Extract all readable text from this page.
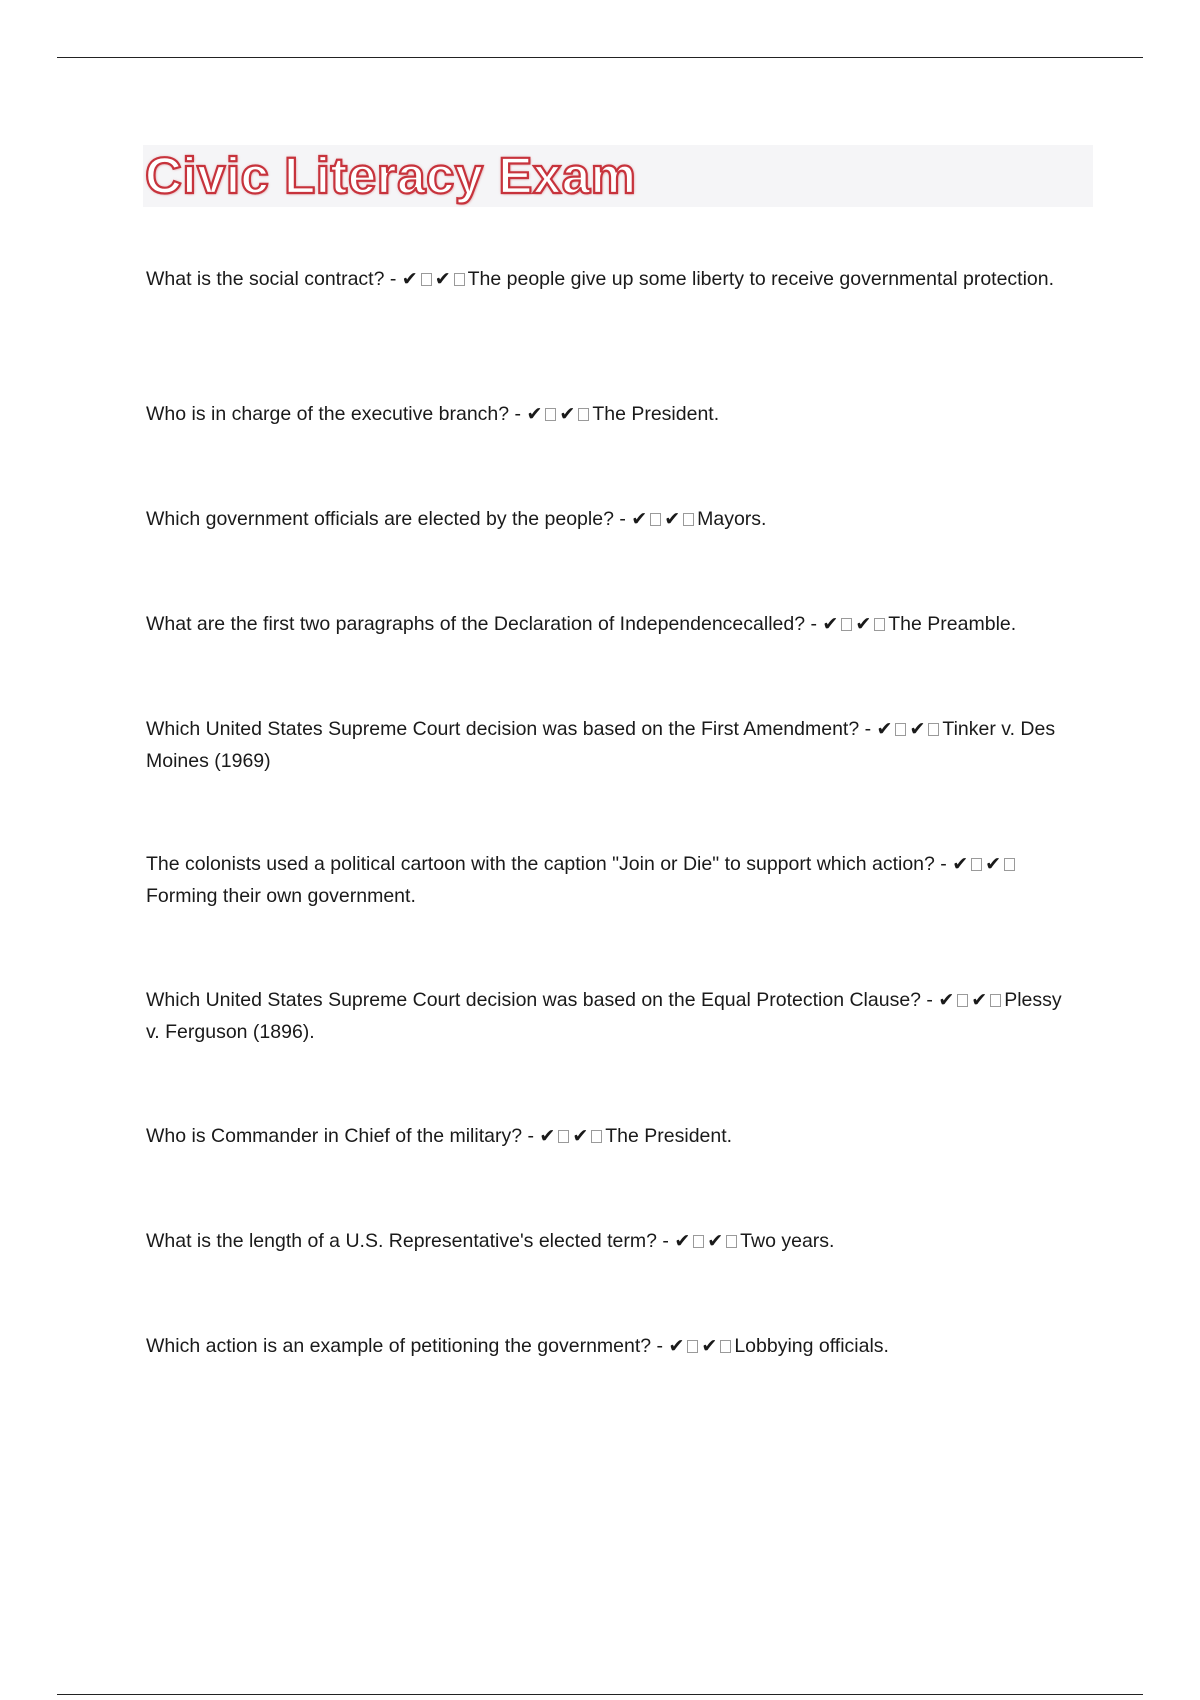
Civic Literacy Exam

What is the social contract? - ✔ ✔ The people give up some liberty to receive governmental protection.

Who is in charge of the executive branch? - ✔ ✔ The President.

Which government officials are elected by the people? - ✔ ✔ Mayors.

What are the first two paragraphs of the Declaration of Independencecalled? - ✔ ✔ The Preamble.

Which United States Supreme Court decision was based on the First Amendment? - ✔ ✔ Tinker v. Des Moines (1969)

The colonists used a political cartoon with the caption "Join or Die" to support which action? - ✔ ✔Forming their own government.

Which United States Supreme Court decision was based on the Equal Protection Clause? - ✔ ✔ Plessy v. Ferguson (1896).

Who is Commander in Chief of the military? - ✔ ✔ The President.

What is the length of a U.S. Representative's elected term? - ✔ ✔ Two years.

Which action is an example of petitioning the government? - ✔ ✔ Lobbying officials.
